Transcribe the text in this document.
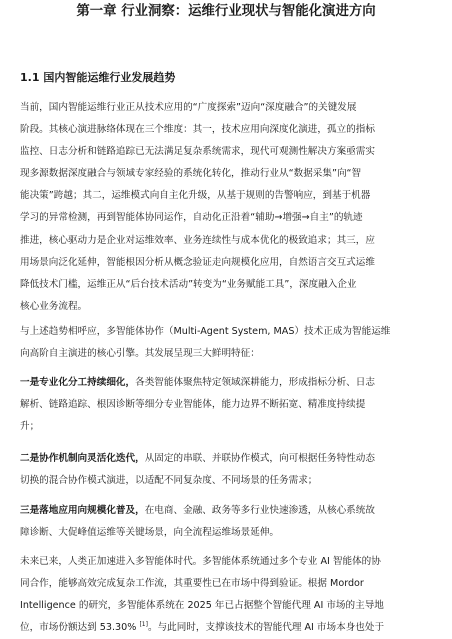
第一章 行业洞察：运维行业现状与智能化演进方向
1.1 国内智能运维行业发展趋势

当前，国内智能运维行业正从技术应用的“广度探索”迈向“深度融合”的关键发展
阶段。其核心演进脉络体现在三个维度：其一，技术应用向深度化演进，孤立的指标
监控、日志分析和链路追踪已无法满足复杂系统需求，现代可观测性解决方案亟需实
现多源数据深度融合与领域专家经验的系统化转化，推动行业从“数据采集”向“智
能决策”跨越；其二，运维模式向自主化升级，从基于规则的告警响应，到基于机器
学习的异常检测，再到智能体协同运作，自动化正沿着“辅助→增强→自主”的轨迹
推进，核心驱动力是企业对运维效率、业务连续性与成本优化的极致追求；其三，应
用场景向泛化延伸，智能根因分析从概念验证走向规模化应用，自然语言交互式运维
降低技术门槛，运维正从“后台技术活动”转变为“业务赋能工具”，深度融入企业
核心业务流程。

与上述趋势相呼应，多智能体协作（Multi-Agent System, MAS）技术正成为智能运维
向高阶自主演进的核心引擎。其发展呈现三大鲜明特征：

一是专业化分工持续细化，各类智能体聚焦特定领域深耕能力，形成指标分析、日志
解析、链路追踪、根因诊断等细分专业智能体，能力边界不断拓宽、精准度持续提
升；

二是协作机制向灵活化迭代，从固定的串联、并联协作模式，向可根据任务特性动态
切换的混合协作模式演进，以适配不同复杂度、不同场景的任务需求；

三是落地应用向规模化普及，在电商、金融、政务等多行业快速渗透，从核心系统故
障诊断、大促峰值运维等关键场景，向全流程运维场景延伸。

未来已来，人类正加速进入多智能体时代。多智能体系统通过多个专业 AI 智能体的协
同合作，能够高效完成复杂工作流，其重要性已在市场中得到验证。根据 Mordor
Intelligence 的研究，多智能体系统在 2025 年已占据整个智能代理 AI 市场的主导地
位，市场份额达到 53.30% [1]。与此同时，支撑该技术的智能代理 AI 市场本身也处于
